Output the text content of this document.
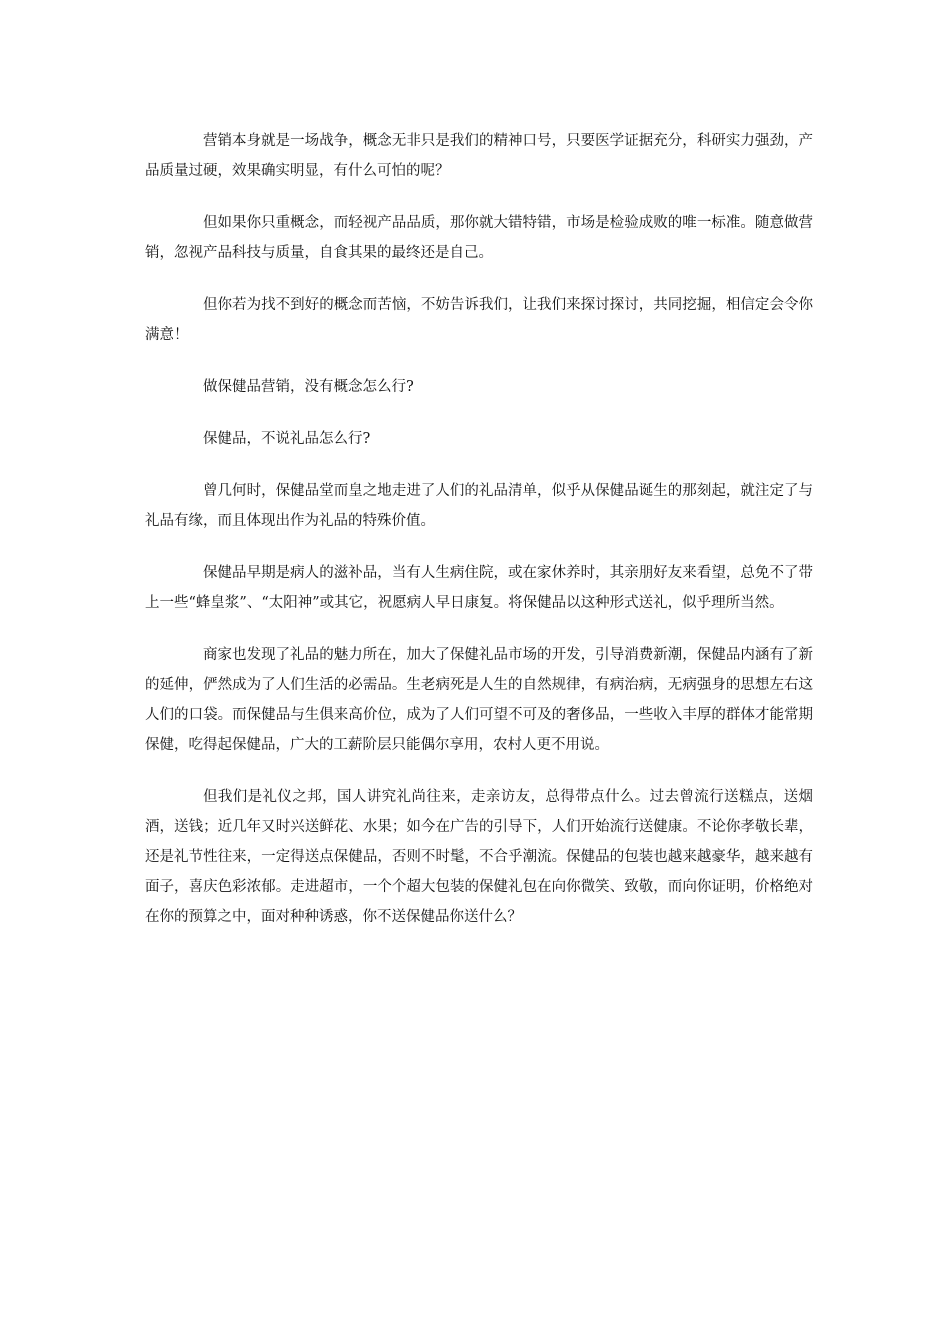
营销本身就是一场战争，概念无非只是我们的精神口号，只要医学证据充分，科研实力强劲，产品质量过硬，效果确实明显，有什么可怕的呢？

但如果你只重概念，而轻视产品品质，那你就大错特错，市场是检验成败的唯一标准。随意做营销，忽视产品科技与质量，自食其果的最终还是自己。

但你若为找不到好的概念而苦恼，不妨告诉我们，让我们来探讨探讨，共同挖掘，相信定会令你满意！

做保健品营销，没有概念怎么行?

保健品，不说礼品怎么行?

曾几何时，保健品堂而皇之地走进了人们的礼品清单，似乎从保健品诞生的那刻起，就注定了与礼品有缘，而且体现出作为礼品的特殊价值。

保健品早期是病人的滋补品，当有人生病住院，或在家休养时，其亲朋好友来看望，总免不了带上一些“蜂皇浆”、“太阳神”或其它，祝愿病人早日康复。将保健品以这种形式送礼，似乎理所当然。

商家也发现了礼品的魅力所在，加大了保健礼品市场的开发，引导消费新潮，保健品内涵有了新的延伸，俨然成为了人们生活的必需品。生老病死是人生的自然规律，有病治病，无病强身的思想左右这人们的口袋。而保健品与生俱来高价位，成为了人们可望不可及的奢侈品，一些收入丰厚的群体才能常期保健，吃得起保健品，广大的工薪阶层只能偶尔享用，农村人更不用说。

但我们是礼仪之邦，国人讲究礼尚往来，走亲访友，总得带点什么。过去曾流行送糕点，送烟酒，送钱；近几年又时兴送鲜花、水果；如今在广告的引导下，人们开始流行送健康。不论你孝敬长辈，还是礼节性往来，一定得送点保健品，否则不时髦，不合乎潮流。保健品的包装也越来越豪华，越来越有面子，喜庆色彩浓郁。走进超市，一个个超大包装的保健礼包在向你微笑、致敬，而向你证明，价格绝对在你的预算之中，面对种种诱惑，你不送保健品你送什么？
